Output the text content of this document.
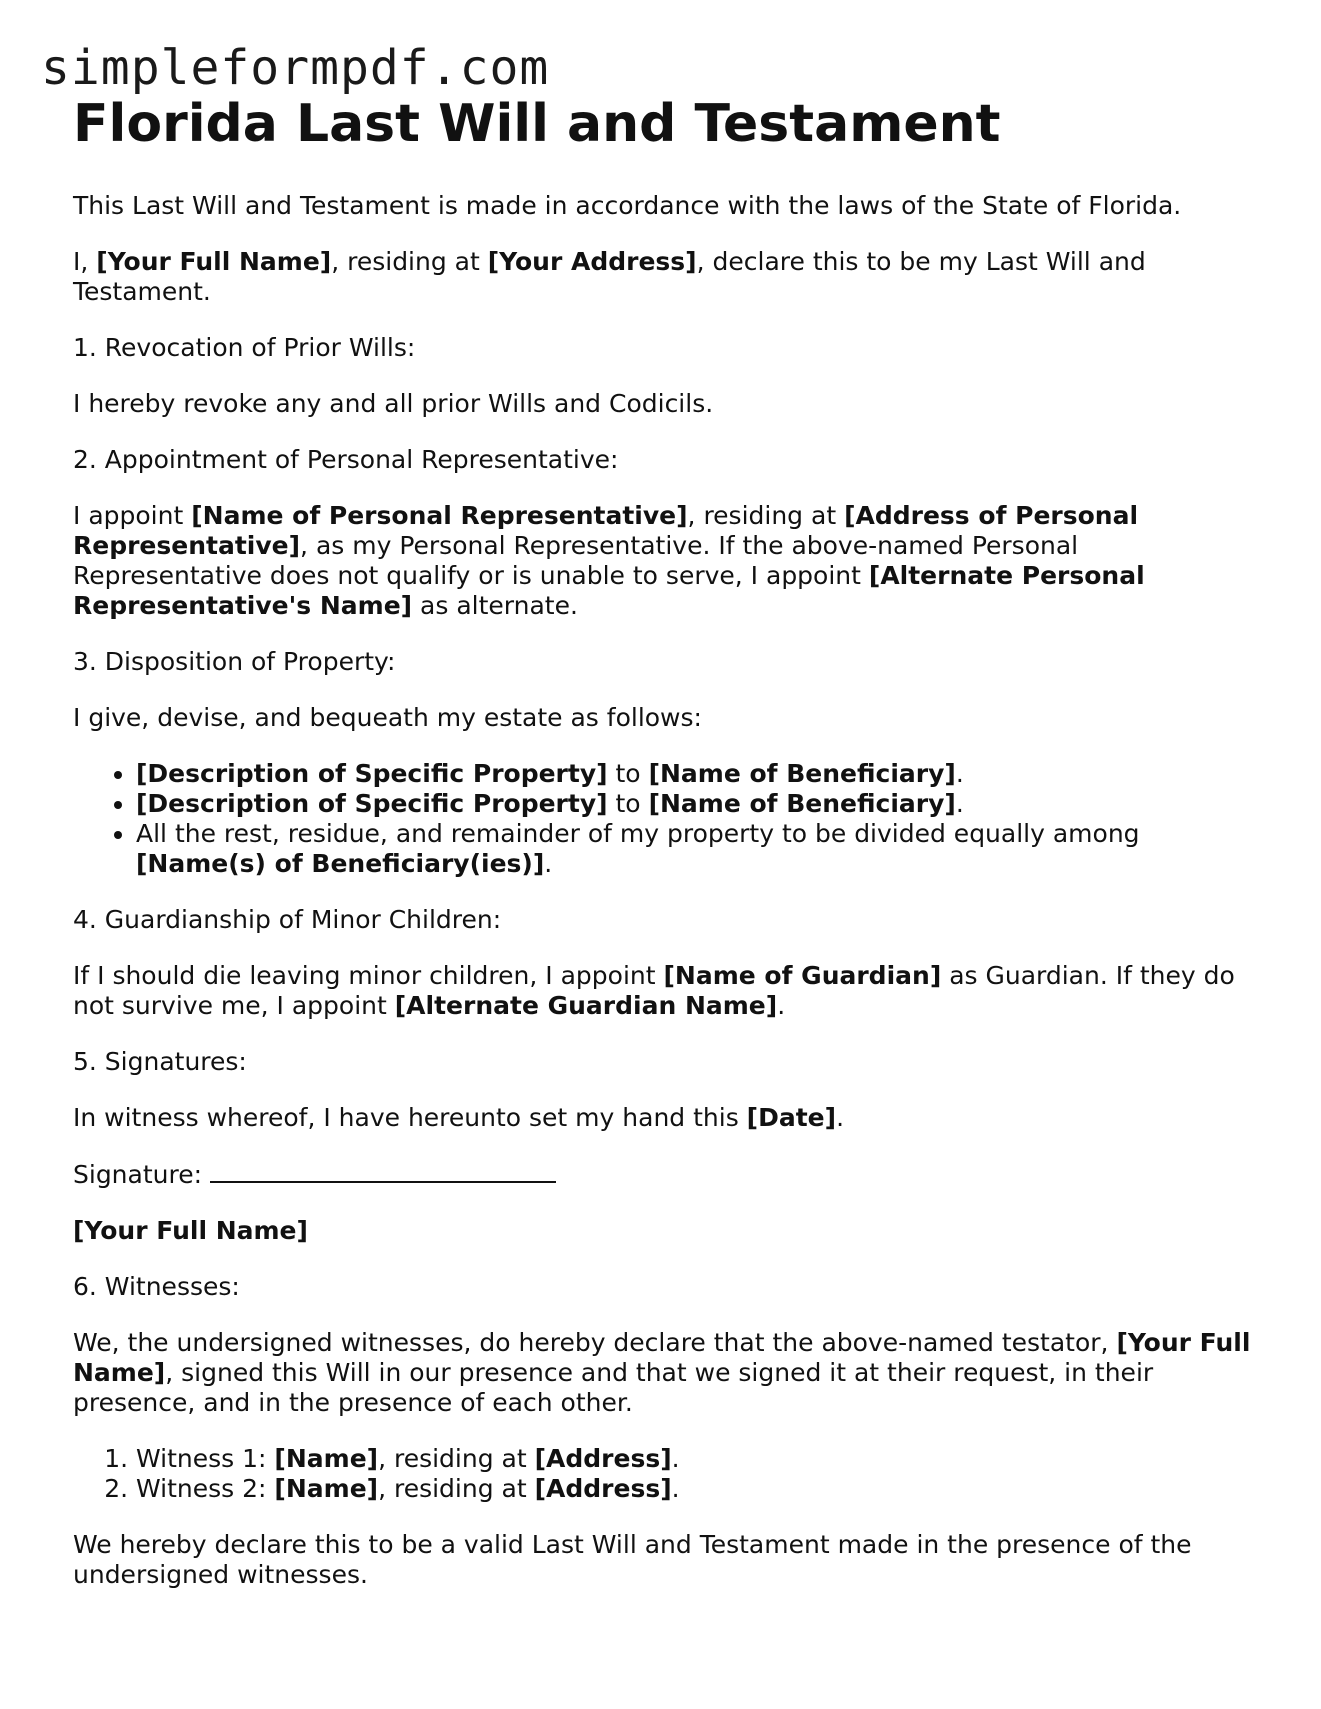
simpleformpdf.com
Florida Last Will and Testament

This Last Will and Testament is made in accordance with the laws of the State of Florida.

I, [Your Full Name], residing at [Your Address], declare this to be my Last Will and Testament.

1. Revocation of Prior Wills:

I hereby revoke any and all prior Wills and Codicils.

2. Appointment of Personal Representative:

I appoint [Name of Personal Representative], residing at [Address of Personal Representative], as my Personal Representative. If the above-named Personal Representative does not qualify or is unable to serve, I appoint [Alternate Personal Representative's Name] as alternate.

3. Disposition of Property:

I give, devise, and bequeath my estate as follows:

• [Description of Specific Property] to [Name of Beneficiary].
• [Description of Specific Property] to [Name of Beneficiary].
• All the rest, residue, and remainder of my property to be divided equally among [Name(s) of Beneficiary(ies)].

4. Guardianship of Minor Children:

If I should die leaving minor children, I appoint [Name of Guardian] as Guardian. If they do not survive me, I appoint [Alternate Guardian Name].

5. Signatures:

In witness whereof, I have hereunto set my hand this [Date].

Signature:

[Your Full Name]

6. Witnesses:

We, the undersigned witnesses, do hereby declare that the above-named testator, [Your Full Name], signed this Will in our presence and that we signed it at their request, in their presence, and in the presence of each other.

1. Witness 1: [Name], residing at [Address].
2. Witness 2: [Name], residing at [Address].

We hereby declare this to be a valid Last Will and Testament made in the presence of the undersigned witnesses.
